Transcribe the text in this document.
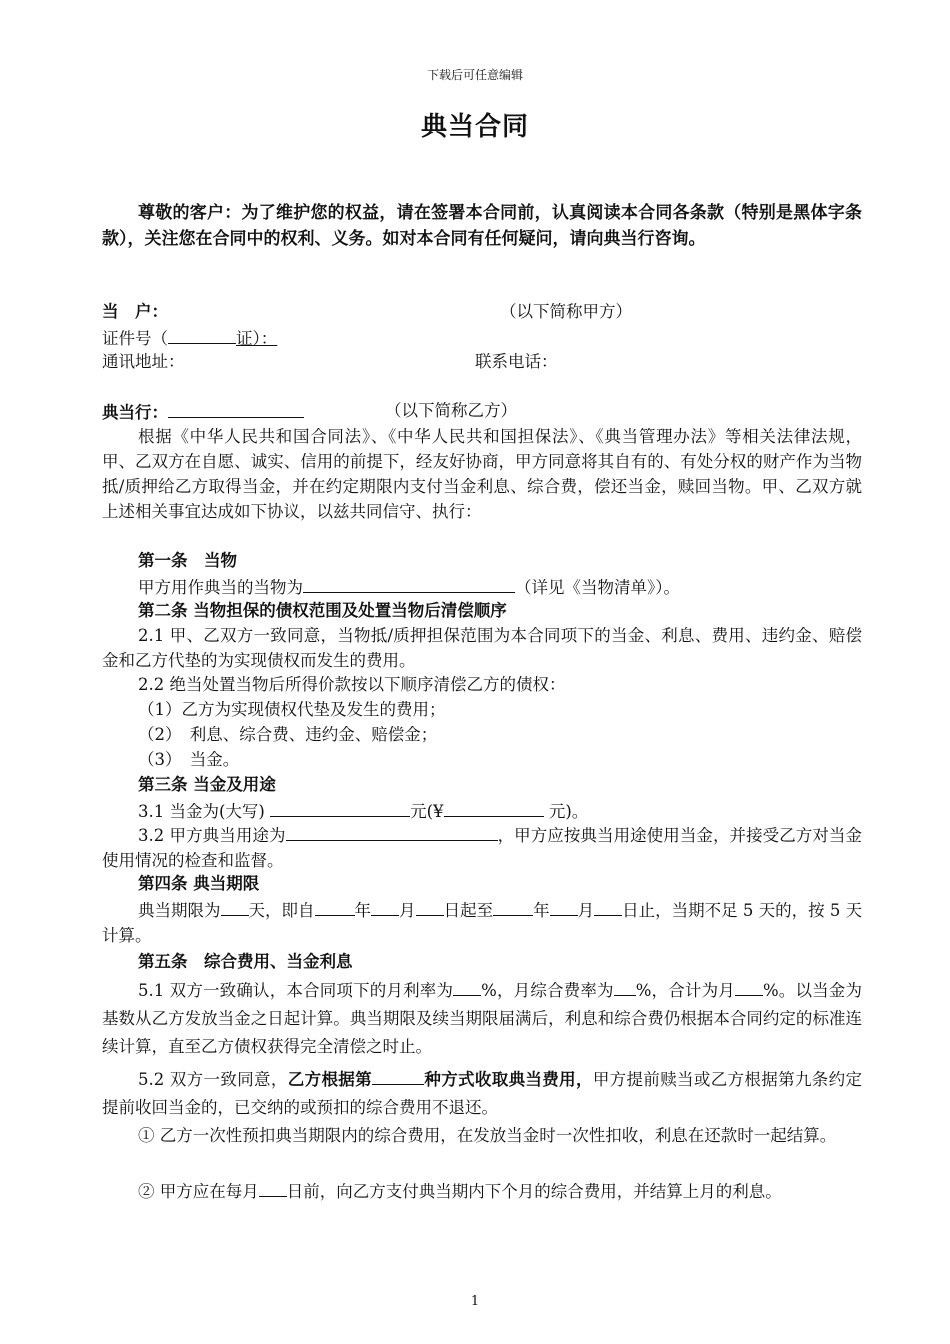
下载后可任意编辑
典当合同
尊敬的客户：为了维护您的权益，请在签署本合同前，认真阅读本合同各条款（特别是黑体字条款），关注您在合同中的权利、义务。如对本合同有任何疑问，请向典当行咨询。
当　户：	（以下简称甲方）
证件号（	证）：
通讯地址：	联系电话：
典当行：	（以下简称乙方）
根据《中华人民共和国合同法》、《中华人民共和国担保法》、《典当管理办法》等相关法律法规，甲、乙双方在自愿、诚实、信用的前提下，经友好协商，甲方同意将其自有的、有处分权的财产作为当物抵/质押给乙方取得当金，并在约定期限内支付当金利息、综合费，偿还当金，赎回当物。甲、乙双方就上述相关事宜达成如下协议，以兹共同信守、执行：
第一条　当物
甲方用作典当的当物为	（详见《当物清单》）。
第二条 当物担保的债权范围及处置当物后清偿顺序
2.1 甲、乙双方一致同意，当物抵/质押担保范围为本合同项下的当金、利息、费用、违约金、赔偿金和乙方代垫的为实现债权而发生的费用。
2.2 绝当处置当物后所得价款按以下顺序清偿乙方的债权：
（1）乙方为实现债权代垫及发生的费用；
（2）　利息、综合费、违约金、赔偿金；
（3）　当金。
第三条 当金及用途
3.1 当金为(大写)	元(¥	元)。
3.2 甲方典当用途为	，甲方应按典当用途使用当金，并接受乙方对当金使用情况的检查和监督。
第四条 典当期限
典当期限为 天，即自 年 月 日起至 年 月 日止，当期不足 5 天的，按 5 天计算。
第五条　综合费用、当金利息
5.1 双方一致确认，本合同项下的月利率为 %，月综合费率为 %，合计为月 %。以当金为基数从乙方发放当金之日起计算。典当期限及续当期限届满后，利息和综合费仍根据本合同约定的标准连续计算，直至乙方债权获得完全清偿之时止。
5.2 双方一致同意，乙方根据第	种方式收取典当费用，甲方提前赎当或乙方根据第九条约定提前收回当金的，已交纳的或预扣的综合费用不退还。
① 乙方一次性预扣典当期限内的综合费用，在发放当金时一次性扣收，利息在还款时一起结算。
② 甲方应在每月 日前，向乙方支付典当期内下个月的综合费用，并结算上月的利息。
1
